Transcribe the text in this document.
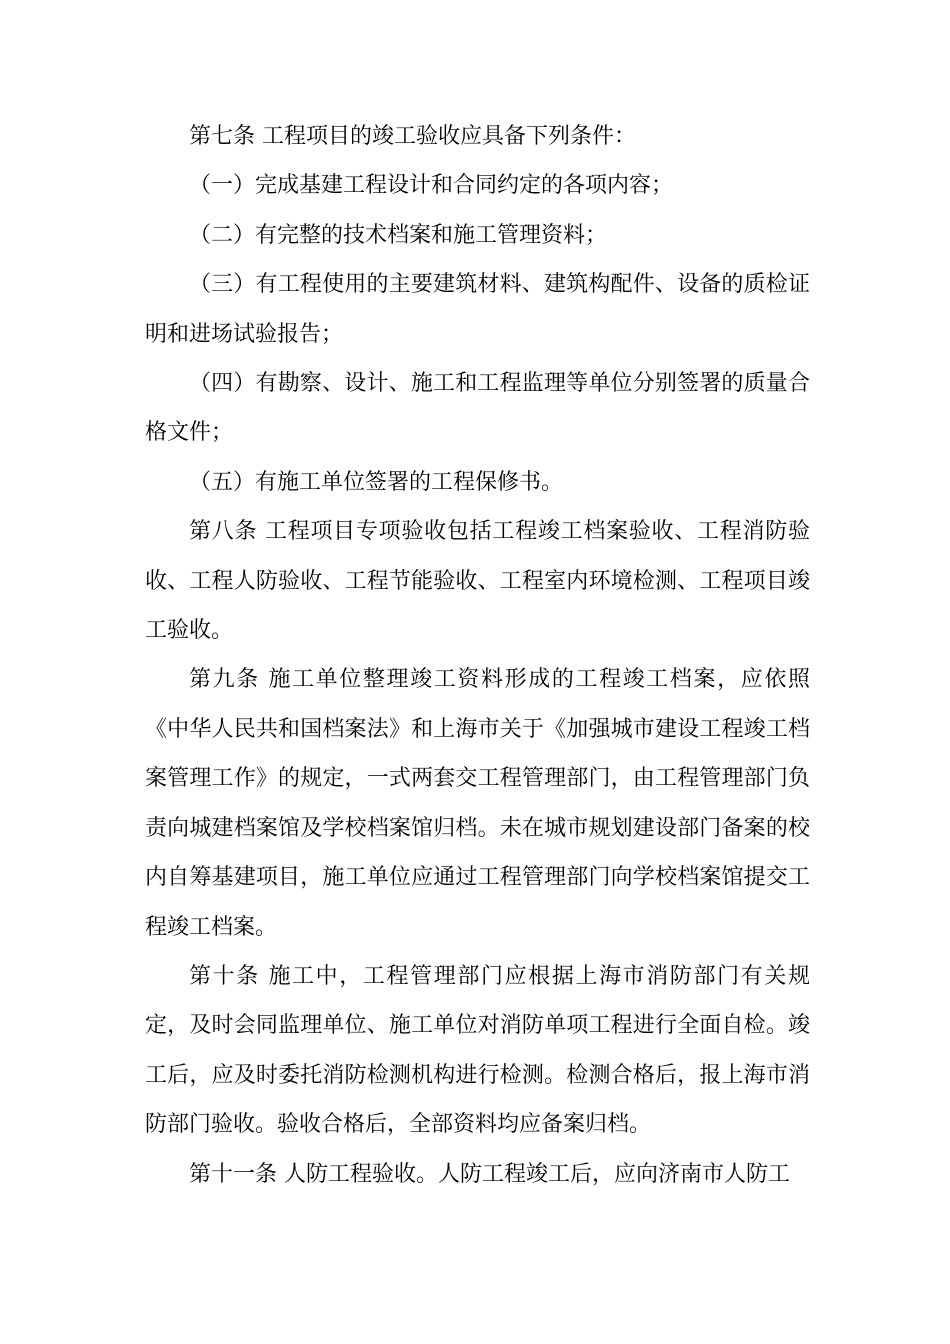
第七条 工程项目的竣工验收应具备下列条件：

（一）完成基建工程设计和合同约定的各项内容；

（二）有完整的技术档案和施工管理资料；

（三）有工程使用的主要建筑材料、建筑构配件、设备的质检证明和进场试验报告；

（四）有勘察、设计、施工和工程监理等单位分别签署的质量合格文件；

（五）有施工单位签署的工程保修书。

第八条 工程项目专项验收包括工程竣工档案验收、工程消防验收、工程人防验收、工程节能验收、工程室内环境检测、工程项目竣工验收。

第九条 施工单位整理竣工资料形成的工程竣工档案，应依照《中华人民共和国档案法》和上海市关于《加强城市建设工程竣工档案管理工作》的规定，一式两套交工程管理部门，由工程管理部门负责向城建档案馆及学校档案馆归档。未在城市规划建设部门备案的校内自筹基建项目，施工单位应通过工程管理部门向学校档案馆提交工程竣工档案。

第十条 施工中，工程管理部门应根据上海市消防部门有关规定，及时会同监理单位、施工单位对消防单项工程进行全面自检。竣工后，应及时委托消防检测机构进行检测。检测合格后，报上海市消防部门验收。验收合格后，全部资料均应备案归档。

第十一条 人防工程验收。人防工程竣工后，应向济南市人防工
